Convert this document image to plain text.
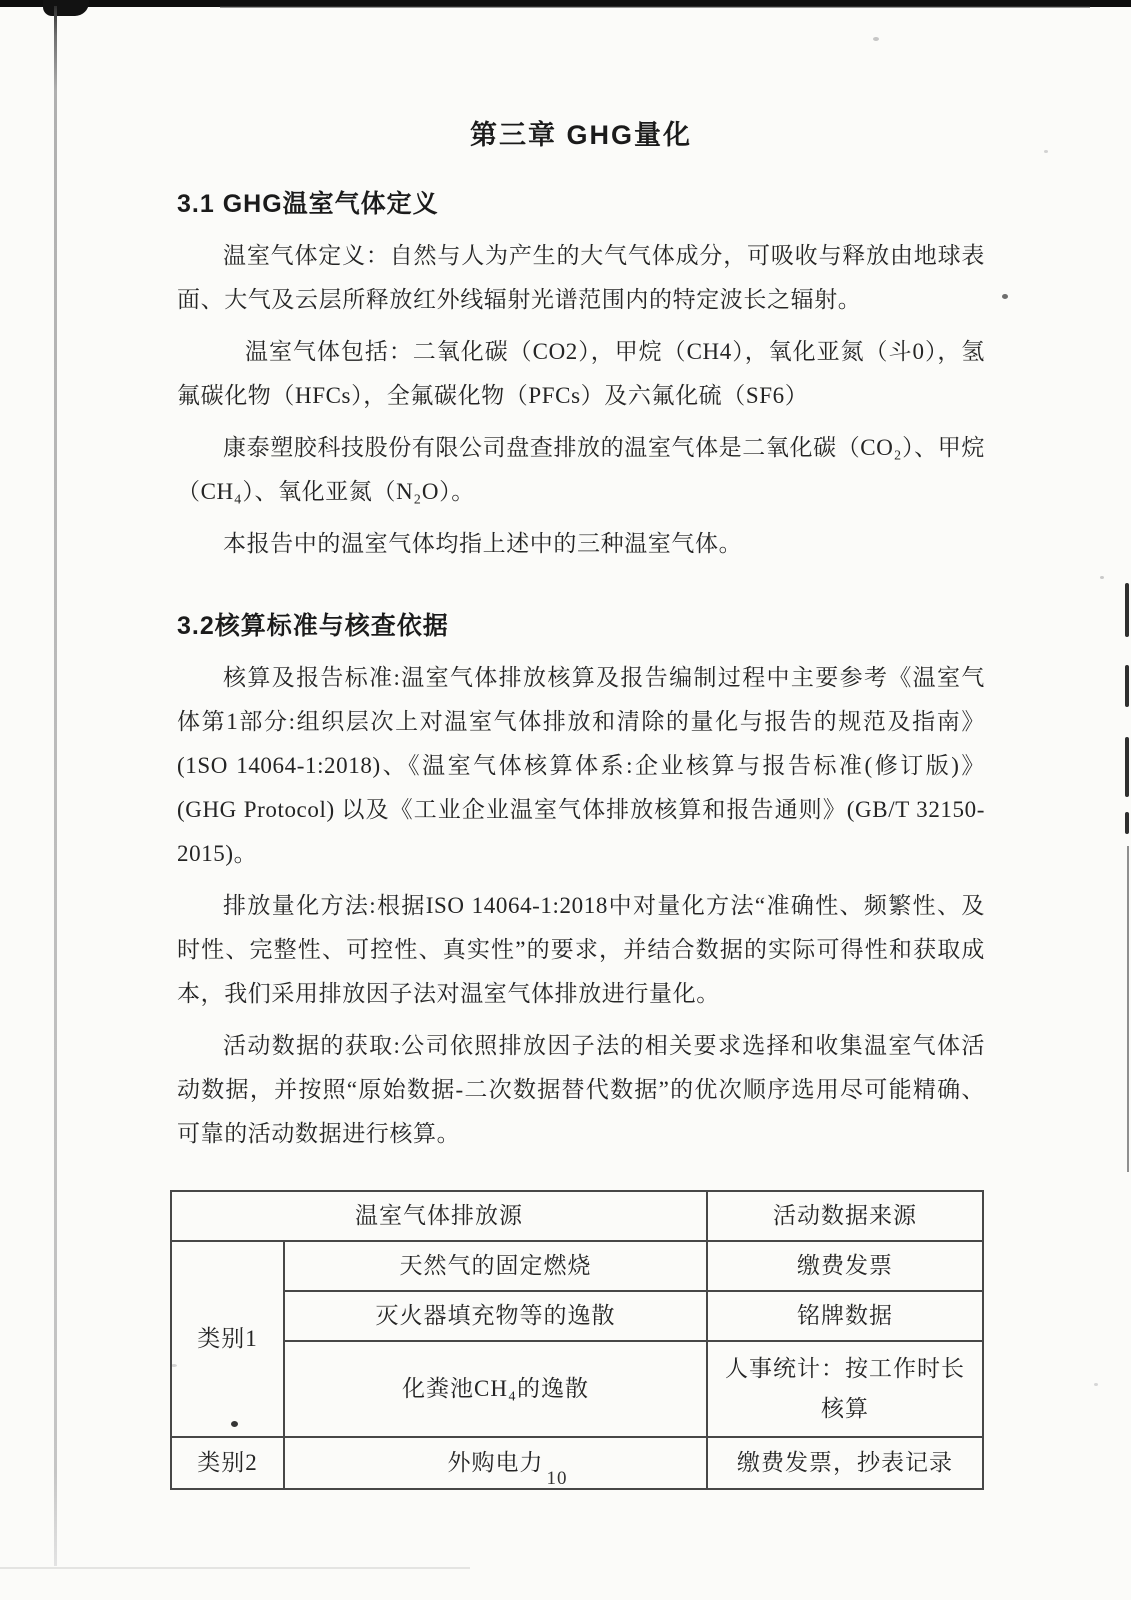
第三章 GHG量化
3.1 GHG温室气体定义

温室气体定义：自然与人为产生的大气气体成分，可吸收与释放由地球表面、大气及云层所释放红外线辐射光谱范围内的特定波长之辐射。

温室气体包括：二氧化碳（CO2），甲烷（CH4），氧化亚氮（斗0），氢氟碳化物（HFCs），全氟碳化物（PFCs）及六氟化硫（SF6）

康泰塑胶科技股份有限公司盘查排放的温室气体是二氧化碳（CO₂）、甲烷（CH₄）、氧化亚氮（N₂O）。

本报告中的温室气体均指上述中的三种温室气体。

3.2核算标准与核查依据

核算及报告标准:温室气体排放核算及报告编制过程中主要参考《温室气体第1部分:组织层次上对温室气体排放和清除的量化与报告的规范及指南》(1SO 14064-1:2018)、《温室气体核算体系:企业核算与报告标准(修订版)》(GHG Protocol) 以及《工业企业温室气体排放核算和报告通则》(GB/T 32150-2015)。

排放量化方法:根据ISO 14064-1:2018中对量化方法“准确性、频繁性、及时性、完整性、可控性、真实性”的要求，并结合数据的实际可得性和获取成本，我们采用排放因子法对温室气体排放进行量化。

活动数据的获取:公司依照排放因子法的相关要求选择和收集温室气体活动数据，并按照“原始数据-二次数据替代数据”的优次顺序选用尽可能精确、可靠的活动数据进行核算。

温室气体排放源		活动数据来源
类别1	天然气的固定燃烧	缴费发票
	灭火器填充物等的逸散	铭牌数据
	化粪池CH₄的逸散	人事统计：按工作时长核算
类别2	外购电力	缴费发票，抄表记录
10
